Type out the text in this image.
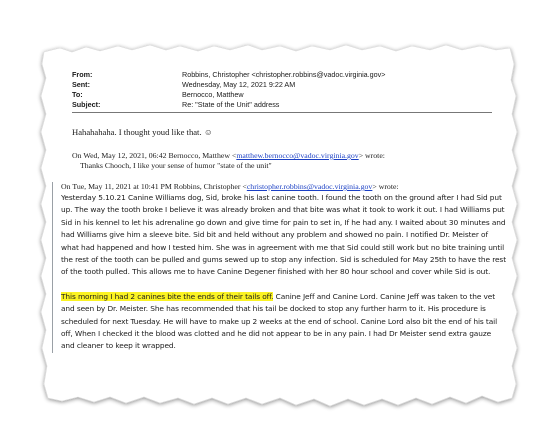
From:	Robbins, Christopher <christopher.robbins@vadoc.virginia.gov>
Sent:	Wednesday, May 12, 2021 9:22 AM
To:	Bernocco, Matthew
Subject:	Re: "State of the Unit" address
Hahahahaha. I thought youd like that. ☺
On Wed, May 12, 2021, 06:42 Bernocco, Matthew <matthew.bernocco@vadoc.virginia.gov> wrote:
Thanks Chooch, I like your sense of humor "state of the unit"
On Tue, May 11, 2021 at 10:41 PM Robbins, Christopher <christopher.robbins@vadoc.virginia.gov> wrote:

Yesterday 5.10.21 Canine Williams dog, Sid, broke his last canine tooth. I found the tooth on the ground after I had Sid put up. The way the tooth broke I believe it was already broken and that bite was what it took to work it out. I had Williams put Sid in his kennel to let his adrenaline go down and give time for pain to set in, If he had any. I waited about 30 minutes and had Williams give him a sleeve bite. Sid bit and held without any problem and showed no pain. I notified Dr. Meister of what had happened and how I tested him. She was in agreement with me that Sid could still work but no bite training until the rest of the tooth can be pulled and gums sewed up to stop any infection. Sid is scheduled for May 25th to have the rest of the tooth pulled. This allows me to have Canine Degener finished with her 80 hour school and cover while Sid is out.

This morning I had 2 canines bite the ends of their tails off. Canine Jeff and Canine Lord. Canine Jeff was taken to the vet and seen by Dr. Meister. She has recommended that his tail be docked to stop any further harm to it. His procedure is scheduled for next Tuesday. He will have to make up 2 weeks at the end of school. Canine Lord also bit the end of his tail off, When I checked it the blood was clotted and he did not appear to be in any pain. I had Dr Meister send extra gauze and cleaner to keep it wrapped.
